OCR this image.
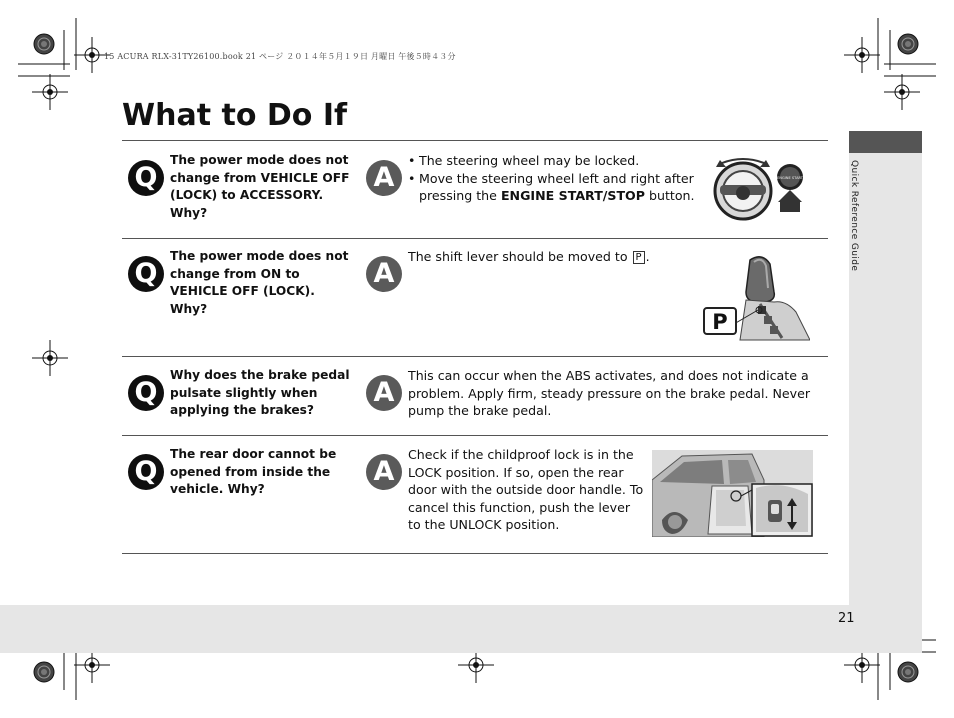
15 ACURA RLX-31TY26100.book 21 ページ ２０１４年５月１９日 月曜日 午後５時４３分
Quick Reference Guide
21
What to Do If
Q
The power mode does not change from VEHICLE OFF (LOCK) to ACCESSORY. Why?
A
• The steering wheel may be locked.
• Move the steering wheel left and right after pressing the ENGINE START/STOP button.
ENGINE START
Q
The power mode does not change from ON to VEHICLE OFF (LOCK). Why?
A
The shift lever should be moved to P .
P
Q
Why does the brake pedal pulsate slightly when applying the brakes?
A
This can occur when the ABS activates, and does not indicate a problem. Apply firm, steady pressure on the brake pedal. Never pump the brake pedal.
Q
The rear door cannot be opened from inside the vehicle. Why?
A
Check if the childproof lock is in the LOCK position. If so, open the rear door with the outside door handle. To cancel this function, push the lever to the UNLOCK position.
